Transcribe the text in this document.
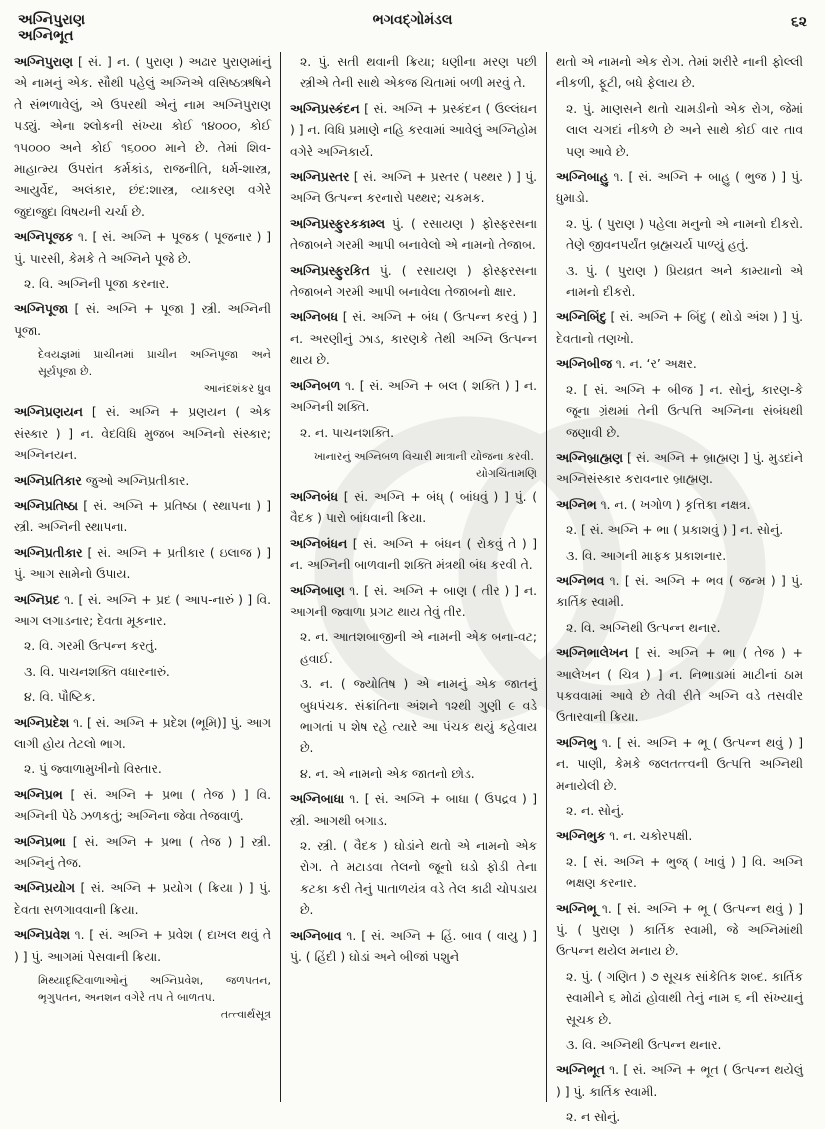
અગ્નિપુરાણ
અગ્નિભૂત
ભગવદ્ગોમંડલ	૬૨
અગ્નિપુરાણ [ સં. ] ન. ( પુરાણ ) અઢાર પુરાણમાંનું એ નામનું એક. સૌથી પહેલું અગ્નિએ વસિષ્ઠઋષિને તે સંભળાવેલું, એ ઉપરથી એનું નામ અગ્નિપુરાણ પડ્યું. એના શ્લોકની સંખ્યા કોઈ ૧૪૦૦૦, કોઈ ૧૫૦૦૦ અને કોઈ ૧૬૦૦૦ માને છે. તેમાં શિવ-માહાત્મ્ય ઉપરાંત કર્મકાંડ, રાજનીતિ, ધર્મ-શાસ્ત્ર, આયુર્વેદ, અલંકાર, છંદ:શાસ્ત્ર, વ્યાકરણ વગેરે જુદાજુદા વિષયની ચર્ચા છે.
અગ્નિપૂજક ૧. [ સં. અગ્નિ + પૂજક ( પૂજનાર ) ] પું. પારસી, કેમકે તે અગ્નિને પૂજે છે.
૨. વિ. અગ્નિની પૂજા કરનાર.
અગ્નિપૂજા [ સં. અગ્નિ + પૂજા ] સ્ત્રી. અગ્નિની પૂજા.
દેવયજ્ઞમાં પ્રાચીનમાં પ્રાચીન અગ્નિપૂજા અને સૂર્યપૂજા છે.
આનંદશંકર ધ્રુવ
અગ્નિપ્રણયન [ સં. અગ્નિ + પ્રણયન ( એક સંસ્કાર ) ] ન. વેદવિધિ મુજબ અગ્નિનો સંસ્કાર; અગ્નિનયન.
અગ્નિપ્રતિકાર જુઓ અગ્નિપ્રતીકાર.
અગ્નિપ્રતિષ્ઠા [ સં. અગ્નિ + પ્રતિષ્ઠા ( સ્થાપના ) ] સ્ત્રી. અગ્નિની સ્થાપના.
અગ્નિપ્રતીકાર [ સં. અગ્નિ + પ્રતીકાર ( ઇલાજ ) ] પું. આગ સામેનો ઉપાય.
અગ્નિપ્રદ ૧. [ સં. અગ્નિ + પ્રદ ( આપ-નારું ) ] વિ. આગ લગાડનાર; દેવતા મૂકનાર.
૨. વિ. ગરમી ઉત્પન્ન કરતું.
૩. વિ. પાચનશક્તિ વધારનારું.
૪. વિ. પૌષ્ટિક.
અગ્નિપ્રદેશ ૧. [ સં. અગ્નિ + પ્રદેશ (ભૂમિ)] પું. આગ લાગી હોય તેટલો ભાગ.
૨. પું જ્વાળામુખીનો વિસ્તાર.
અગ્નિપ્રભ [ સં. અગ્નિ + પ્રભા ( તેજ ) ] વિ. અગ્નિની પેઠે ઝળકતું; અગ્નિના જેવા તેજવાળું.
અગ્નિપ્રભા [ સં. અગ્નિ + પ્રભા ( તેજ ) ] સ્ત્રી. અગ્નિનું તેજ.
અગ્નિપ્રયોગ [ સં. અગ્નિ + પ્રયોગ ( ક્રિયા ) ] પું. દેવતા સળગાવવાની ક્રિયા.
અગ્નિપ્રવેશ ૧. [ સં. અગ્નિ + પ્રવેશ ( દાખલ થવું તે ) ] પું. આગમાં પેસવાની ક્રિયા.
મિથ્યાદૃષ્ટિવાળાઓનું અગ્નિપ્રવેશ, જળપતન, ભૃગુપતન, અનશન વગેરે તપ તે બાળતપ.
તત્ત્વાર્થસૂત્ર
૨. પું. સતી થવાની ક્રિયા; ધણીના મરણ પછી સ્ત્રીએ તેની સાથે એકજ ચિતામાં બળી મરવું તે.
અગ્નિપ્રસ્કંદન [ સં. અગ્નિ + પ્રસ્કંદન ( ઉલ્લંઘન ) ] ન. વિધિ પ્રમાણે નહિ કરવામાં આવેલું અગ્નિહોમ વગેરે અગ્નિકાર્ય.
અગ્નિપ્રસ્તર [ સં. અગ્નિ + પ્રસ્તર ( પથ્થર ) ] પું. અગ્નિ ઉત્પન્ન કરનારો પથ્થર; ચકમક.
અગ્નિપ્રસ્ફુરકકામ્લ પું. ( રસાયણ ) ફોસ્ફરસના તેજાબને ગરમી આપી બનાવેલો એ નામનો તેજાબ.
અગ્નિપ્રસ્ફુરકિત પું. ( રસાયણ ) ફોસ્ફરસના તેજાબને ગરમી આપી બનાવેલા તેજાબનો ક્ષાર.
અગ્નિબધ [ સં. અગ્નિ + બંધ ( ઉત્પન્ન કરવું ) ] ન. અરણીનું ઝાડ, કારણકે તેથી અગ્નિ ઉત્પન્ન થાય છે.
અગ્નિબળ ૧. [ સં. અગ્નિ + બલ ( શક્તિ ) ] ન. અગ્નિની શક્તિ.
૨. ન. પાચનશક્તિ.
ખાનારનું અગ્નિબળ વિચારી માત્રાની યોજના કરવી.
યોગચિંતામણિ
અગ્નિબંધ [ સં. અગ્નિ + બંધ્ ( બાંધવું ) ] પું. ( વૈદક ) પારો બાંધવાની ક્રિયા.
અગ્નિબંધન [ સં. અગ્નિ + બંધન ( રોકવું તે ) ] ન. અગ્નિની બાળવાની શક્તિ મંત્રથી બંધ કરવી તે.
અગ્નિબાણ ૧. [ સં. અગ્નિ + બાણ ( તીર ) ] ન. આગની જ્વાળા પ્રગટ થાય તેવું તીર.
૨. ન. આતશબાજીની એ નામની એક બના-વટ; હવાઈ.
૩. ન. ( જ્યોતિષ ) એ નામનું એક જાતનું બુધપંચક. સંક્રાંતિના અંશને ૧૨થી ગુણી ૯ વડે ભાગતાં ૫ શેષ રહે ત્યારે આ પંચક થયું કહેવાય છે.
૪. ન. એ નામનો એક જાતનો છોડ.
અગ્નિબાધા ૧. [ સં. અગ્નિ + બાધા ( ઉપદ્રવ ) ] સ્ત્રી. આગથી બગાડ.
૨. સ્ત્રી. ( વૈદક ) ઘોડાંને થતો એ નામનો એક રોગ. તે મટાડવા તેલનો જૂનો ઘડો ફોડી તેના કટકા કરી તેનું પાતાળયંત્ર વડે તેલ કાઢી ચોપડાય છે.
અગ્નિબાવ ૧. [ સં. અગ્નિ + હિં. બાવ ( વાયુ ) ] પું. ( હિંદી ) ઘોડાં અને બીજાં પશુને
થતો એ નામનો એક રોગ. તેમાં શરીરે નાની ફોલ્લી નીકળી, ફૂટી, બધે ફેલાય છે.
૨. પું. માણસને થતો ચામડીનો એક રોગ, જેમાં લાલ ચગદાં નીકળે છે અને સાથે કોઈ વાર તાવ પણ આવે છે.
અગ્નિબાહુ ૧. [ સં. અગ્નિ + બાહુ ( ભુજ ) ] પું. ધુમાડો.
૨. પું. ( પુરાણ ) પહેલા મનુનો એ નામનો દીકરો. તેણે જીવનપર્યંત બ્રહ્મચર્ય પાળ્યું હતું.
૩. પું. ( પુરાણ ) પ્રિયવ્રત અને કામ્યાનો એ નામનો દીકરો.
અગ્નિબિંદુ [ સં. અગ્નિ + બિંદુ ( થોડો અંશ ) ] પું. દેવતાનો તણખો.
અગ્નિબીજ ૧. ન. ‘ર’ અક્ષર.
૨. [ સં. અગ્નિ + બીજ ] ન. સોનું, કારણ-કે જૂના ગ્રંથમાં તેની ઉત્પત્તિ અગ્નિના સંબંધથી જણાવી છે.
અગ્નિબ્રાહ્મણ [ સં. અગ્નિ + બ્રાહ્મણ ] પું. મુડદાંને અગ્નિસંસ્કાર કરાવનાર બ્રાહ્મણ.
અગ્નિભ ૧. ન. ( ખગોળ ) કૃત્તિકા નક્ષત્ર.
૨. [ સં. અગ્નિ + ભા ( પ્રકાશવું ) ] ન. સોનું.
૩. વિ. આગની માફક પ્રકાશનાર.
અગ્નિભવ ૧. [ સં. અગ્નિ + ભવ ( જન્મ ) ] પું. કાર્તિક સ્વામી.
૨. વિ. અગ્નિથી ઉત્પન્ન થનાર.
અગ્નિભાલેખન [ સં. અગ્નિ + ભા ( તેજ ) + આલેખન ( ચિત્ર ) ] ન. નિભાડામાં માટીનાં ઠામ પકવવામાં આવે છે તેવી રીતે અગ્નિ વડે તસવીર ઉતારવાની ક્રિયા.
અગ્નિભુ ૧. [ સં. અગ્નિ + ભૂ ( ઉત્પન્ન થવું ) ] ન. પાણી, કેમકે જલતત્ત્વની ઉત્પત્તિ અગ્નિથી મનાયેલી છે.
૨. ન. સોનું.
અગ્નિભુક ૧. ન. ચકોરપક્ષી.
૨. [ સં. અગ્નિ + ભુજ્ ( ખાવું ) ] વિ. અગ્નિ ભક્ષણ કરનાર.
અગ્નિભૂ ૧. [ સં. અગ્નિ + ભૂ ( ઉત્પન્ન થવું ) ] પું. ( પુરાણ ) કાર્તિક સ્વામી, જે અગ્નિમાંથી ઉત્પન્ન થયેલ મનાય છે.
૨. પું. ( ગણિત ) ૭ સૂચક સાંકેતિક શબ્દ. કાર્તિક સ્વામીને ૬ મોઢાં હોવાથી તેનું નામ ૬ ની સંખ્યાનું સૂચક છે.
૩. વિ. અગ્નિથી ઉત્પન્ન થનાર.
અગ્નિભૂત ૧. [ સં. અગ્નિ + ભૂત ( ઉત્પન્ન થયેલું ) ] પું. કાર્તિક સ્વામી.
૨. ન સોનું.
